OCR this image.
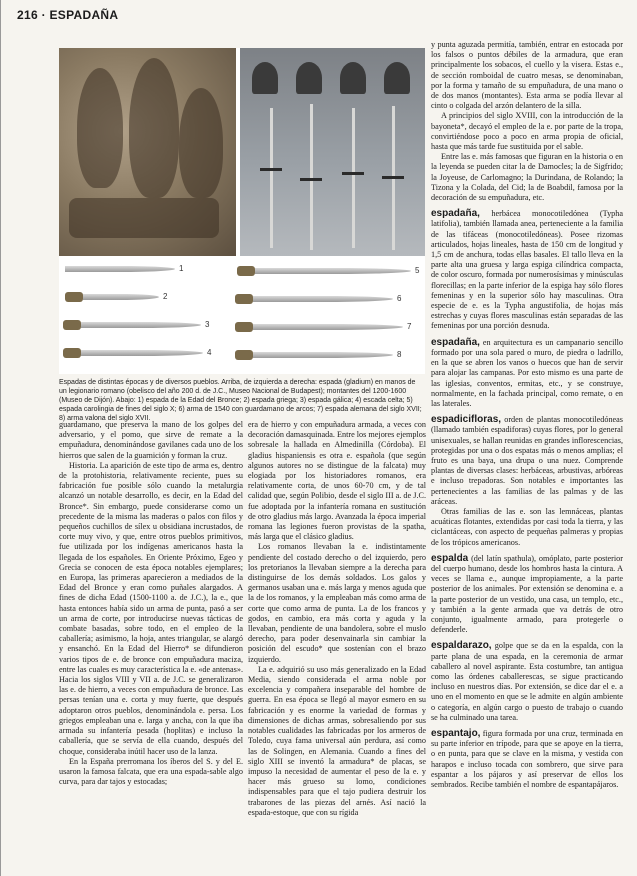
216 · ESPADAÑA
1
2
3
4
5
6
7
8
Espadas de distintas épocas y de diversos pueblos. Arriba, de izquierda a derecha: espada (gladium) en manos de un legionario romano (obelisco del año 200 d. de J.C., Museo Nacional de Budapest); montantes del 1200-1600 (Museo de Dijón). Abajo: 1) espada de la Edad del Bronce; 2) espada griega; 3) espada gálica; 4) escada celta; 5) espada carolingia de fines del siglo X; 6) arma de 1540 con guardamano de arcos; 7) espada alemana del siglo XVII; 8) arma valona del siglo XVII.

guardamano, que preserva la mano de los golpes del adversario, y el pomo, que sirve de remate a la empuñadura, denominándose gavilanes cada uno de los hierros que salen de la guarnición y forman la cruz.

Historia. La aparición de este tipo de arma es, dentro de la protohistoria, relativamente reciente, pues su fabricación fue posible sólo cuando la metalurgia alcanzó un notable desarrollo, es decir, en la Edad del Bronce*. Sin embargo, puede considerarse como un precedente de la misma las maderas o palos con filos y pequeños cuchillos de sílex u obsidiana incrustados, de corte muy vivo, y que, entre otros pueblos primitivos, fue utilizada por los indígenas americanos hasta la llegada de los españoles. En Oriente Próximo, Egeo y Grecia se conocen de esta época notables ejemplares; en Europa, las primeras aparecieron a mediados de la Edad del Bronce y eran como puñales alargados. A fines de dicha Edad (1500-1100 a. de J.C.), la e., que hasta entonces había sido un arma de punta, pasó a ser un arma de corte, por introducirse nuevas tácticas de combate basadas, sobre todo, en el empleo de la caballería; asimismo, la hoja, antes triangular, se alargó y ensanchó. En la Edad del Hierro* se difundieron varios tipos de e. de bronce con empuñadura maciza, entre las cuales es muy característica la e. «de antenas». Hacia los siglos VIII y VII a. de J.C. se generalizaron las e. de hierro, a veces con empuñadura de bronce. Las persas tenían una e. corta y muy fuerte, que después adoptaron otros pueblos, denominándola e. persa. Los griegos empleaban una e. larga y ancha, con la que iba armada su infantería pesada (hoplitas) e incluso la caballería, que se servía de ella cuando, después del choque, consideraba inútil hacer uso de la lanza.

En la España prerromana los íberos del S. y del E. usaron la famosa falcata, que era una espada-sable algo curva, para dar tajos y estocadas;

era de hierro y con empuñadura armada, a veces con decoración damasquinada. Entre los mejores ejemplos sobresale la hallada en Almedinilla (Córdoba). El gladius hispaniensis es otra e. española (que según algunos autores no se distingue de la falcata) muy elogiada por los historiadores romanos, era relativamente corta, de unos 60-70 cm, y de tal calidad que, según Polibio, desde el siglo III a. de J.C. fue adoptada por la infantería romana en sustitución de otro gladius más largo. Avanzada la época imperial romana las legiones fueron provistas de la spatha, más larga que el clásico gladius.

Los romanos llevaban la e. indistintamente pendiente del costado derecho o del izquierdo, pero los pretorianos la llevaban siempre a la derecha para distinguirse de los demás soldados. Los galos y germanos usaban una e. más larga y menos aguda que la de los romanos, y la empleaban más como arma de corte que como arma de punta. La de los francos y godos, en cambio, era más corta y aguda y la llevaban, pendiente de una bandolera, sobre el muslo derecho, para poder desenvainarla sin cambiar la posición del escudo* que sostenían con el brazo izquierdo.

La e. adquirió su uso más generalizado en la Edad Media, siendo considerada el arma noble por excelencia y compañera inseparable del hombre de guerra. En esa época se llegó al mayor esmero en su fabricación y es enorme la variedad de formas y dimensiones de dichas armas, sobresaliendo por sus notables cualidades las fabricadas por los armeros de Toledo, cuya fama universal aún perdura, así como las de Solingen, en Alemania. Cuando a fines del siglo XIII se inventó la armadura* de placas, se impuso la necesidad de aumentar el peso de la e. y hacer más grueso su lomo, condiciones indispensables para que el tajo pudiera destruir los trabarones de las piezas del arnés. Así nació la espada-estoque, que con su rígida

y punta aguzada permitía, también, entrar en estocada por los falsos o puntos débiles de la armadura, que eran principalmente los sobacos, el cuello y la visera. Estas e., de sección romboidal de cuatro mesas, se denominaban, por la forma y tamaño de su empuñadura, de una mano o de dos manos (montantes). Esta arma se podía llevar al cinto o colgada del arzón delantero de la silla.

A principios del siglo XVIII, con la introducción de la bayoneta*, decayó el empleo de la e. por parte de la tropa, convirtiéndose poco a poco en arma propia de oficial, hasta que más tarde fue sustituida por el sable.

Entre las e. más famosas que figuran en la historia o en la leyenda se pueden citar la de Damocles; la de Sigfrido; la Joyeuse, de Carlomagno; la Durindana, de Rolando; la Tizona y la Colada, del Cid; la de Boabdil, famosa por la decoración de su empuñadura, etc.

espadaña, herbácea monocotiledónea (Typha latifolia), también llamada anea, perteneciente a la familia de las tifáceas (monocotiledóneas). Posee rizomas articulados, hojas lineales, hasta de 150 cm de longitud y 1,5 cm de anchura, todas ellas basales. El tallo lleva en la parte alta una gruesa y larga espiga cilíndrica compacta, de color oscuro, formada por numerosísimas y minúsculas florecillas; en la parte inferior de la espiga hay sólo flores femeninas y en la superior sólo hay masculinas. Otra especie de e. es la Typha angustifolia, de hojas más estrechas y cuyas flores masculinas están separadas de las femeninas por una porción desnuda.

espadaña, en arquitectura es un campanario sencillo formado por una sola pared o muro, de piedra o ladrillo, en la que se abren los vanos o huecos que han de servir para alojar las campanas. Por esto mismo es una parte de las iglesias, conventos, ermitas, etc., y se construye, normalmente, en la fachada principal, como remate, o en las laterales.

espadicifloras, orden de plantas monocotiledóneas (llamado también espadiforas) cuyas flores, por lo general unisexuales, se hallan reunidas en grandes inflorescencias, protegidas por una o dos espatas más o menos amplias; el fruto es una baya, una drupa o una nuez. Comprende plantas de diversas clases: herbáceas, arbustivas, arbóreas e incluso trepadoras. Son notables e importantes las pertenecientes a las familias de las palmas y de las aráceas.

Otras familias de las e. son las lemnáceas, plantas acuáticas flotantes, extendidas por casi toda la tierra, y las ciclantáceas, con aspecto de pequeñas palmeras y propias de los trópicos americanos.

espalda (del latín spathula), omóplato, parte posterior del cuerpo humano, desde los hombros hasta la cintura. A veces se llama e., aunque impropiamente, a la parte posterior de los animales. Por extensión se denomina e. a la parte posterior de un vestido, una casa, un templo, etc., y también a la gente armada que va detrás de otro conjunto, igualmente armado, para protegerle o defenderle.

espaldarazo, golpe que se da en la espalda, con la parte plana de una espada, en la ceremonia de armar caballero al novel aspirante. Esta costumbre, tan antigua como las órdenes caballerescas, se sigue practicando incluso en nuestros días. Por extensión, se dice dar el e. a uno en el momento en que se le admite en algún ambiente o categoría, en algún cargo o puesto de trabajo o cuando se ha culminado una tarea.

espantajo, figura formada por una cruz, terminada en su parte inferior en trípode, para que se apoye en la tierra, o en punta, para que se clave en la misma, y vestida con harapos e incluso tocada con sombrero, que sirve para espantar a los pájaros y así preservar de ellos los sembrados. Recibe también el nombre de espantapájaros.
